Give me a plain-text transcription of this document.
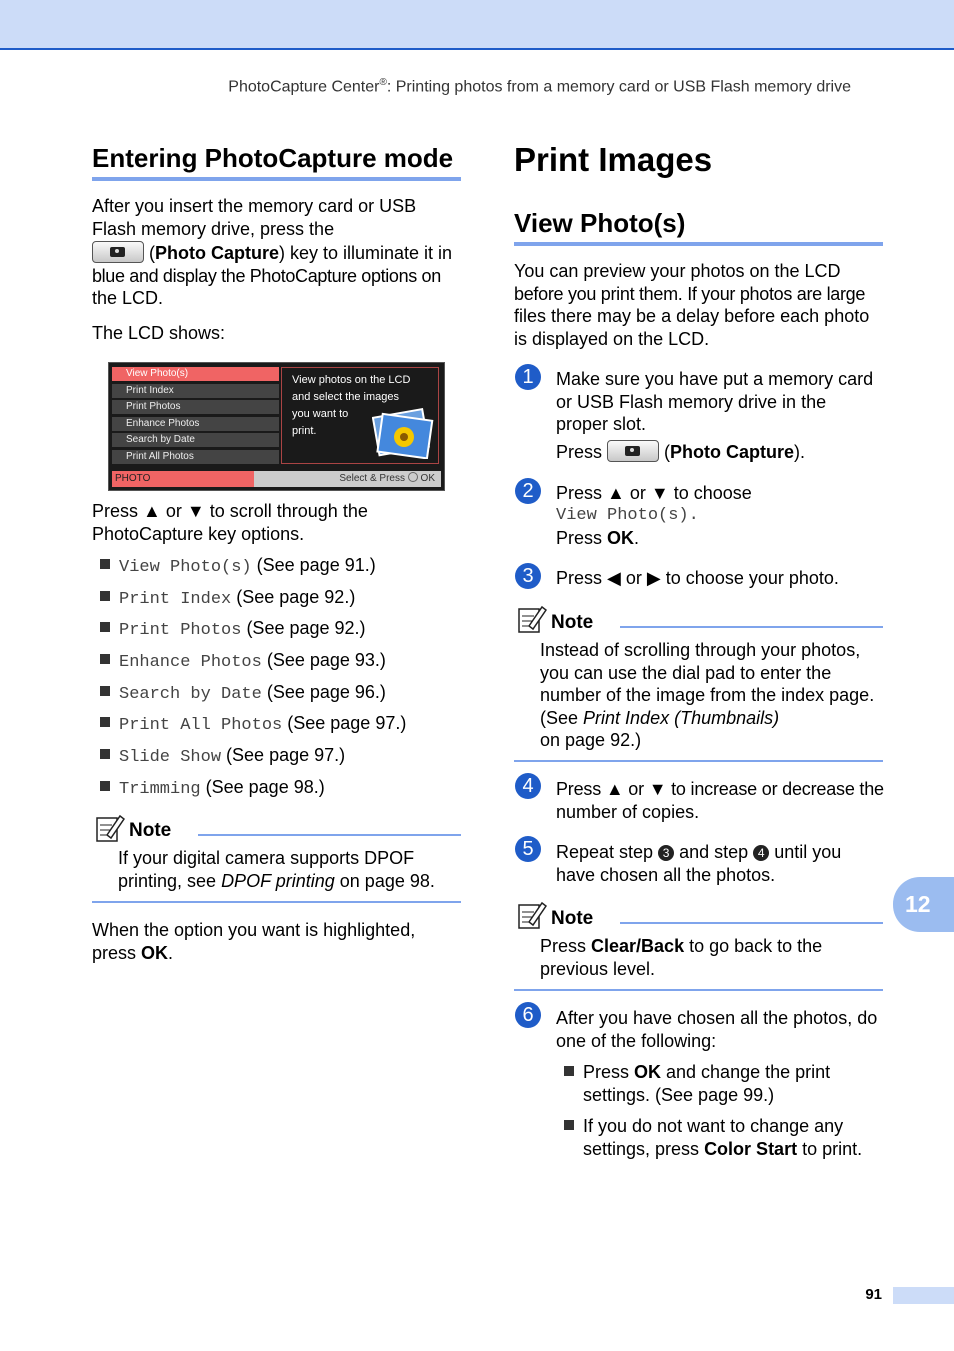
PhotoCapture Center®: Printing photos from a memory card or USB Flash memory drive
Entering PhotoCapture mode
After you insert the memory card or USB
Flash memory drive, press the
(Photo Capture) key to illuminate it in
blue and display the PhotoCapture options on
the LCD.
The LCD shows:
View Photo(s)
Print Index
Print Photos
Enhance Photos
Search by Date
Print All Photos
View photos on the LCD
and select the images
you want to
print.
PHOTO	Select & Press OK
Press ▲ or ▼ to scroll through the
PhotoCapture key options.
View Photo(s) (See page 91.)
Print Index (See page 92.)
Print Photos (See page 92.)
Enhance Photos (See page 93.)
Search by Date (See page 96.)
Print All Photos (See page 97.)
Slide Show (See page 97.)
Trimming (See page 98.)
Note
If your digital camera supports DPOF
printing, see DPOF printing on page 98.
When the option you want is highlighted,
press OK.
Print Images
View Photo(s)
You can preview your photos on the LCD
before you print them. If your photos are large
files there may be a delay before each photo
is displayed on the LCD.
1	Make sure you have put a memory card
or USB Flash memory drive in the
proper slot.
Press	(Photo Capture).
2	Press ▲ or ▼ to choose
View Photo(s).
Press OK.
3	Press ◀ or ▶ to choose your photo.
Note
Instead of scrolling through your photos,
you can use the dial pad to enter the
number of the image from the index page.
(See Print Index (Thumbnails)
on page 92.)
4	Press ▲ or ▼ to increase or decrease the
number of copies.
5	Repeat step 3 and step 4 until you
have chosen all the photos.
Note
Press Clear/Back to go back to the
previous level.
6	After you have chosen all the photos, do
one of the following:
Press OK and change the print
settings. (See page 99.)
If you do not want to change any
settings, press Color Start to print.
12
91
